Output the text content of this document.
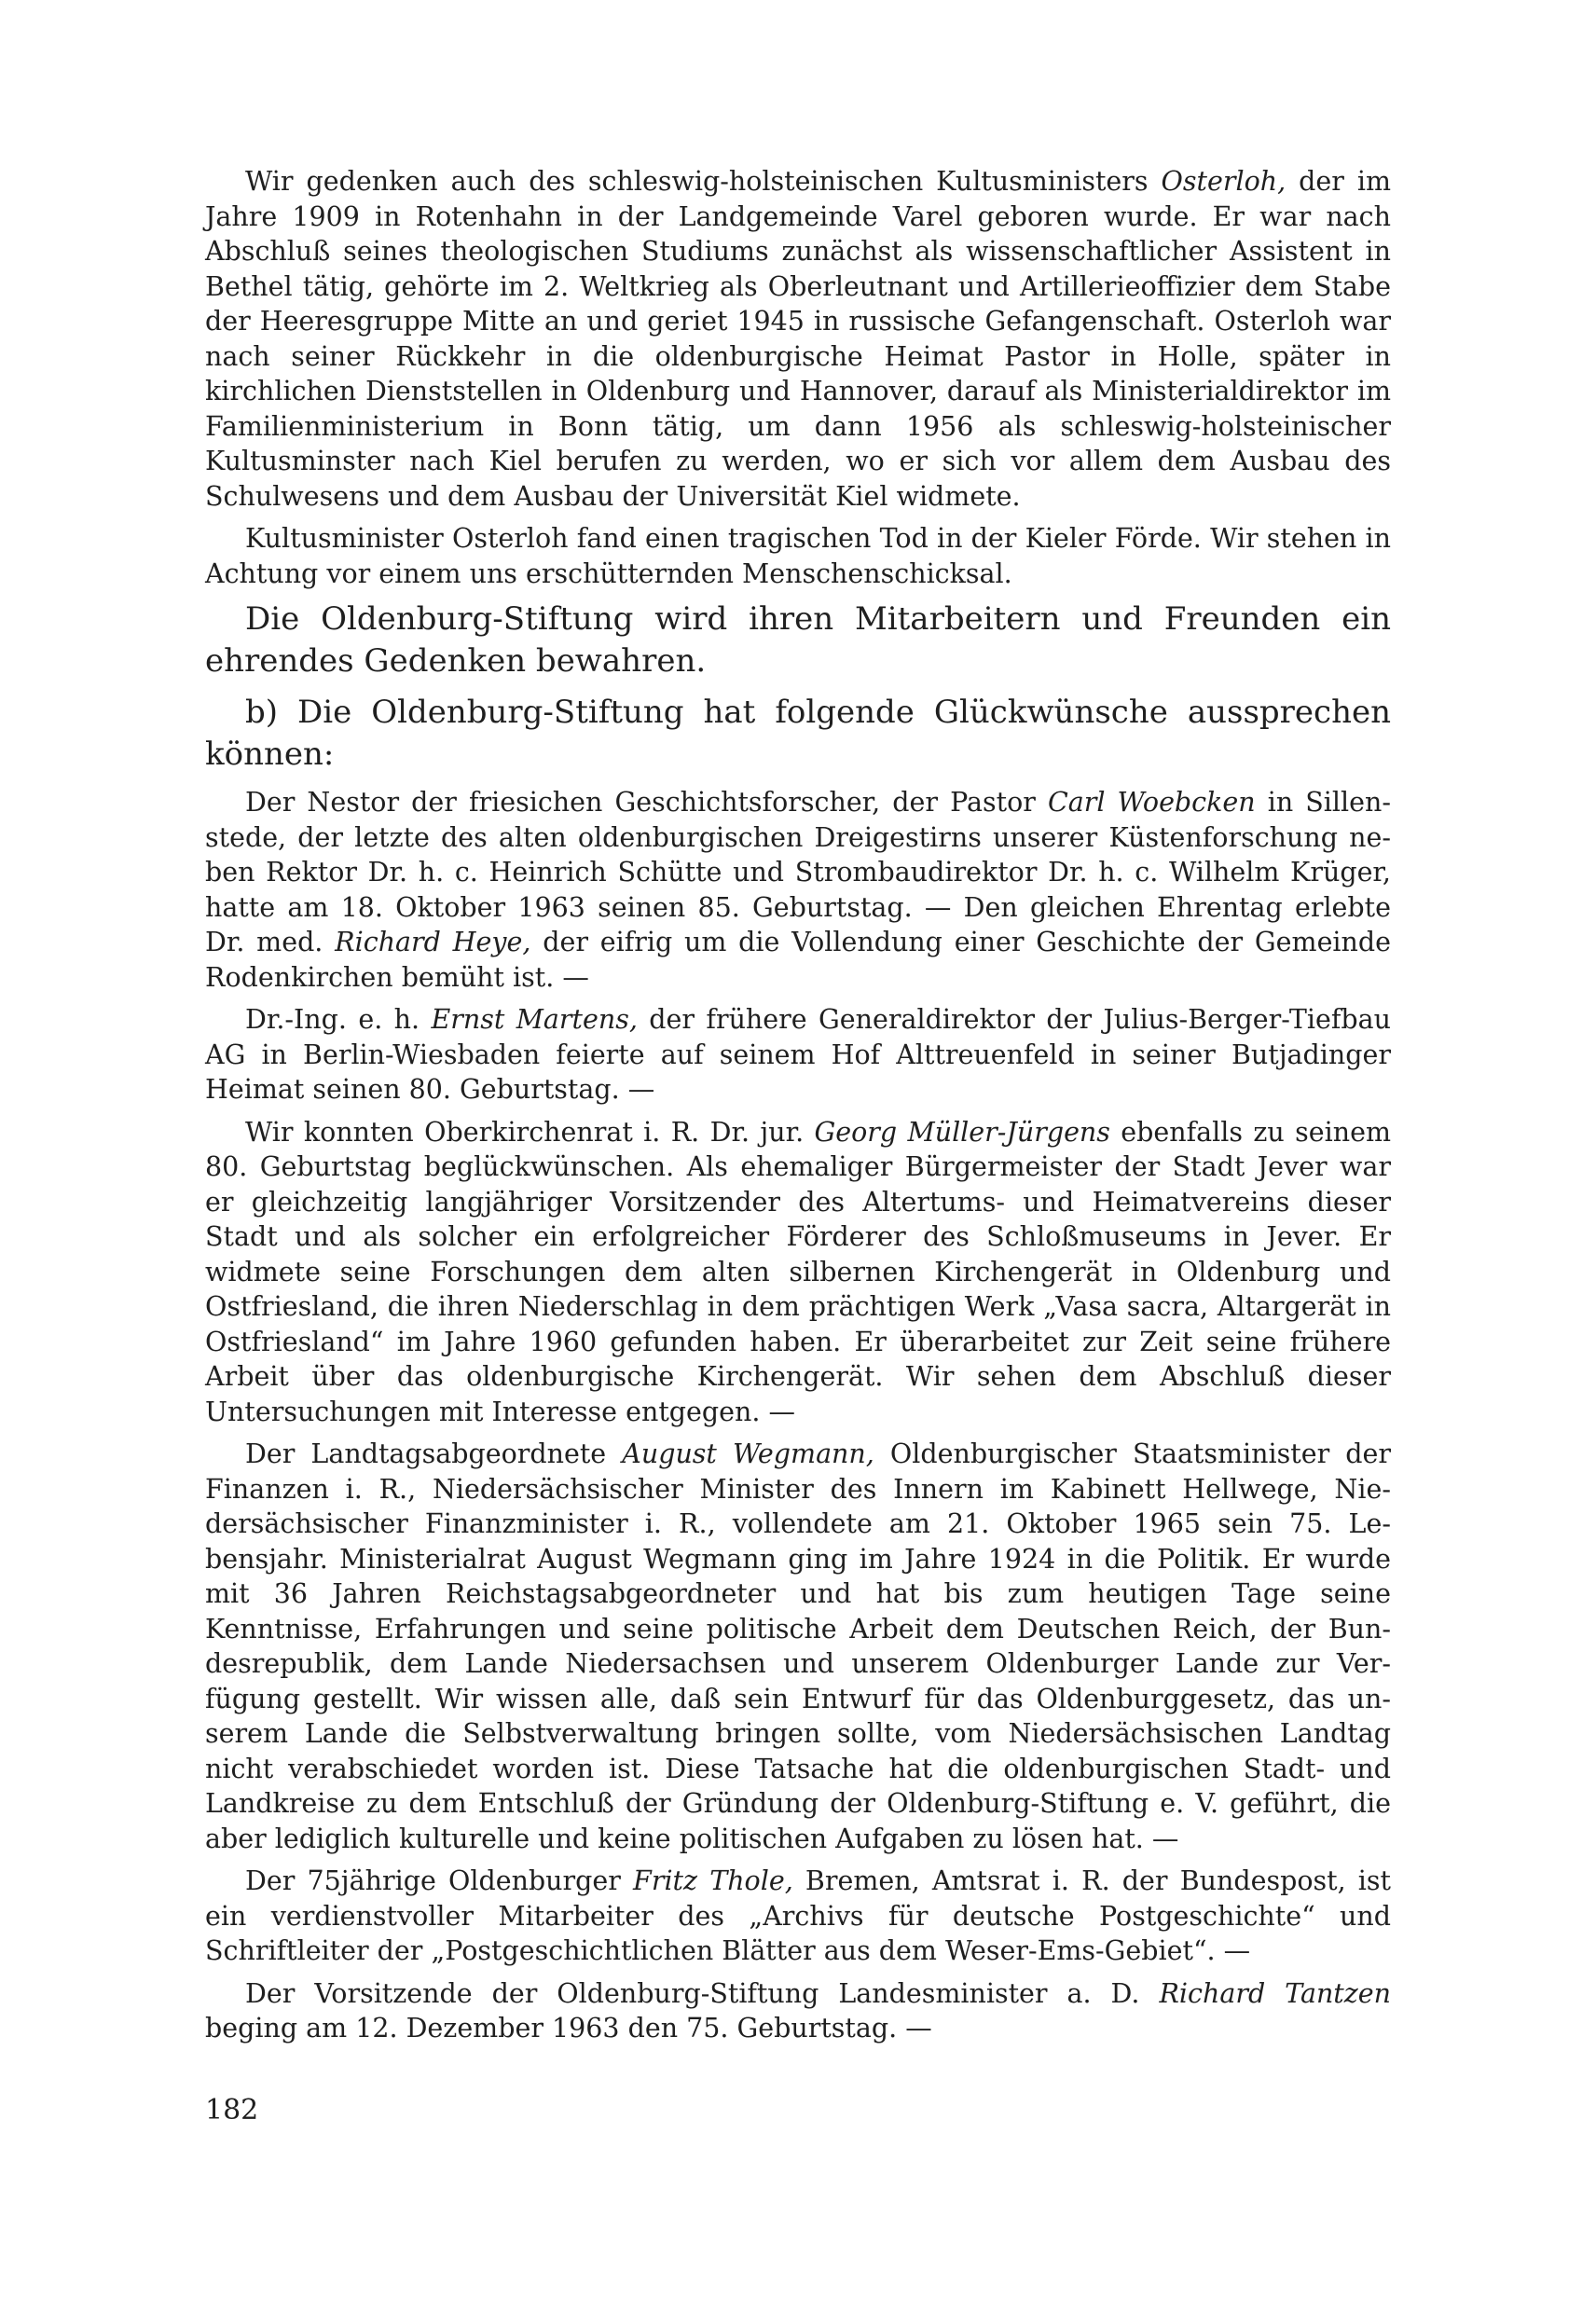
Wir gedenken auch des schleswig-holsteinischen Kultusministers Osterloh, der im Jahre 1909 in Rotenhahn in der Landgemeinde Varel geboren wurde. Er war nach Abschluß seines theologischen Studiums zunächst als wissenschaftlicher Assistent in Bethel tätig, gehörte im 2. Weltkrieg als Oberleutnant und Artillerieoffizier dem Stabe der Heeresgruppe Mitte an und geriet 1945 in russische Gefangenschaft. Osterloh war nach seiner Rückkehr in die oldenburgische Heimat Pastor in Holle, später in kirchlichen Dienststellen in Oldenburg und Hannover, darauf als Ministerialdirektor im Familienministerium in Bonn tätig, um dann 1956 als schleswig-holsteinischer Kultusminster nach Kiel berufen zu werden, wo er sich vor allem dem Ausbau des Schulwesens und dem Ausbau der Universität Kiel widmete.

Kultusminister Osterloh fand einen tragischen Tod in der Kieler Förde. Wir stehen in Achtung vor einem uns erschütternden Menschenschicksal.

Die Oldenburg-Stiftung wird ihren Mitarbeitern und Freunden ein ehrendes Gedenken bewahren.

b) Die Oldenburg-Stiftung hat folgende Glückwünsche aussprechen können:

Der Nestor der friesichen Geschichtsforscher, der Pastor Carl Woebcken in Sillenstede, der letzte des alten oldenburgischen Dreigestirns unserer Küstenforschung neben Rektor Dr. h. c. Heinrich Schütte und Strombaudirektor Dr. h. c. Wilhelm Krüger, hatte am 18. Oktober 1963 seinen 85. Geburtstag. — Den gleichen Ehrentag erlebte Dr. med. Richard Heye, der eifrig um die Vollendung einer Geschichte der Gemeinde Rodenkirchen bemüht ist. —

Dr.-Ing. e. h. Ernst Martens, der frühere Generaldirektor der Julius-Berger-Tiefbau AG in Berlin-Wiesbaden feierte auf seinem Hof Alttreuenfeld in seiner Butjadinger Heimat seinen 80. Geburtstag. —

Wir konnten Oberkirchenrat i. R. Dr. jur. Georg Müller-Jürgens ebenfalls zu seinem 80. Geburtstag beglückwünschen. Als ehemaliger Bürgermeister der Stadt Jever war er gleichzeitig langjähriger Vorsitzender des Altertums- und Heimatvereins dieser Stadt und als solcher ein erfolgreicher Förderer des Schloßmuseums in Jever. Er widmete seine Forschungen dem alten silbernen Kirchengerät in Oldenburg und Ostfriesland, die ihren Niederschlag in dem prächtigen Werk „Vasa sacra, Altargerät in Ostfriesland“ im Jahre 1960 gefunden haben. Er überarbeitet zur Zeit seine frühere Arbeit über das oldenburgische Kirchengerät. Wir sehen dem Abschluß dieser Untersuchungen mit Interesse entgegen. —

Der Landtagsabgeordnete August Wegmann, Oldenburgischer Staatsminister der Finanzen i. R., Niedersächsischer Minister des Innern im Kabinett Hellwege, Niedersächsischer Finanzminister i. R., vollendete am 21. Oktober 1965 sein 75. Lebensjahr. Ministerialrat August Wegmann ging im Jahre 1924 in die Politik. Er wurde mit 36 Jahren Reichstagsabgeordneter und hat bis zum heutigen Tage seine Kenntnisse, Erfahrungen und seine politische Arbeit dem Deutschen Reich, der Bundesrepublik, dem Lande Niedersachsen und unserem Oldenburger Lande zur Verfügung gestellt. Wir wissen alle, daß sein Entwurf für das Oldenburggesetz, das unserem Lande die Selbstverwaltung bringen sollte, vom Niedersächsischen Landtag nicht verabschiedet worden ist. Diese Tatsache hat die oldenburgischen Stadt- und Landkreise zu dem Entschluß der Gründung der Oldenburg-Stiftung e. V. geführt, die aber lediglich kulturelle und keine politischen Aufgaben zu lösen hat. —

Der 75jährige Oldenburger Fritz Thole, Bremen, Amtsrat i. R. der Bundespost, ist ein verdienstvoller Mitarbeiter des „Archivs für deutsche Postgeschichte“ und Schriftleiter der „Postgeschichtlichen Blätter aus dem Weser-Ems-Gebiet“. —

Der Vorsitzende der Oldenburg-Stiftung Landesminister a. D. Richard Tantzen beging am 12. Dezember 1963 den 75. Geburtstag. —

182
